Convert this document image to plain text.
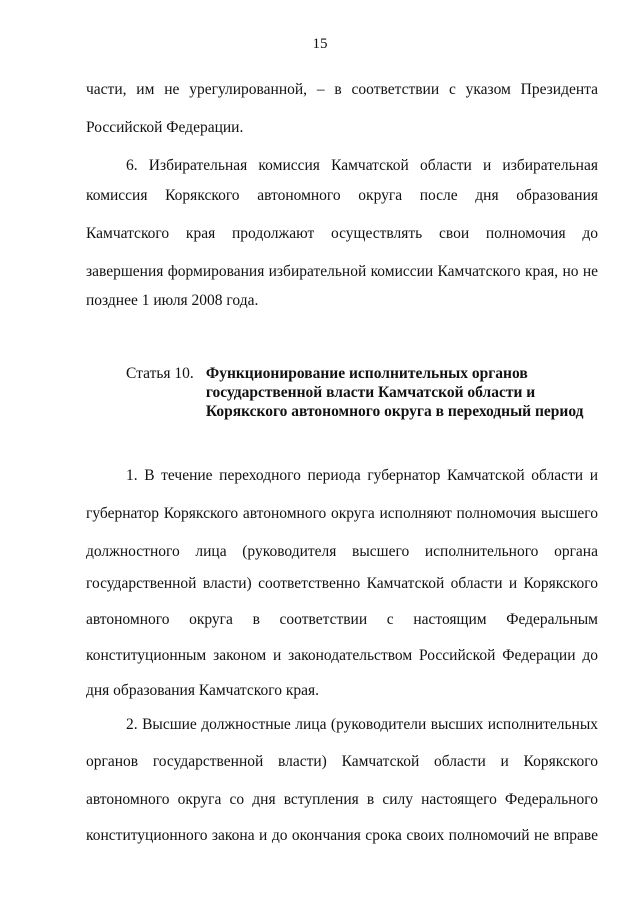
15
части, им не урегулированной, – в соответствии с указом Президента
Российской Федерации.
6. Избирательная комиссия Камчатской области и избирательная
комиссия Корякского автономного округа после дня образования
Камчатского края продолжают осуществлять свои полномочия до
завершения формирования избирательной комиссии Камчатского края, но не
позднее 1 июля 2008 года.
Статья 10. Функционирование исполнительных органов
государственной власти Камчатской области и
Корякского автономного округа в переходный период
1. В течение переходного периода губернатор Камчатской области и
губернатор Корякского автономного округа исполняют полномочия высшего
должностного лица (руководителя высшего исполнительного органа
государственной власти) соответственно Камчатской области и Корякского
автономного округа в соответствии с настоящим Федеральным
конституционным законом и законодательством Российской Федерации до
дня образования Камчатского края.
2. Высшие должностные лица (руководители высших исполнительных
органов государственной власти) Камчатской области и Корякского
автономного округа со дня вступления в силу настоящего Федерального
конституционного закона и до окончания срока своих полномочий не вправе
